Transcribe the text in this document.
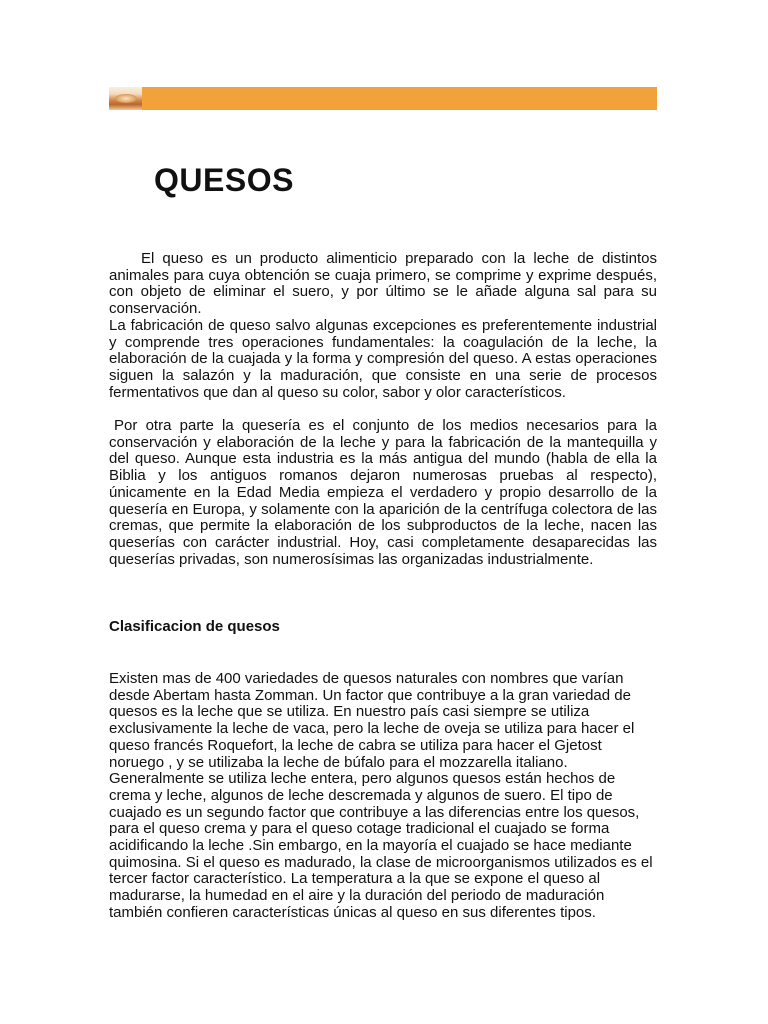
QUESOS

El queso es un producto alimenticio preparado con la leche de distintos animales para cuya obtención se cuaja primero, se comprime y exprime después, con objeto de eliminar el suero, y por último se le añade alguna sal para su conservación.

La fabricación de queso salvo algunas excepciones es preferentemente industrial y comprende tres operaciones fundamentales: la coagulación de la leche, la elaboración de la cuajada y la forma y compresión del queso. A estas operaciones siguen la salazón y la maduración, que consiste en una serie de procesos fermentativos que dan al queso su color, sabor y olor característicos.

Por otra parte la quesería es el conjunto de los medios necesarios para la conservación y elaboración de la leche y para la fabricación de la mantequilla y del queso. Aunque esta industria es la más antigua del mundo (habla de ella la Biblia y los antiguos romanos dejaron numerosas pruebas al respecto), únicamente en la Edad Media empieza el verdadero y propio desarrollo de la quesería en Europa, y solamente con la aparición de la centrífuga colectora de las cremas, que permite la elaboración de los subproductos de la leche, nacen las queserías con carácter industrial. Hoy, casi completamente desaparecidas las queserías privadas, son numerosísimas las organizadas industrialmente.

Clasificacion de quesos

Existen mas de 400 variedades de quesos naturales con nombres que varían desde Abertam hasta Zomman. Un factor que contribuye a la gran variedad de quesos es la leche que se utiliza. En nuestro país casi siempre se utiliza exclusivamente la leche de vaca, pero la leche de oveja se utiliza para hacer el queso francés Roquefort, la leche de cabra se utiliza para hacer el Gjetost noruego , y se utilizaba la leche de búfalo para el mozzarella italiano. Generalmente se utiliza leche entera, pero algunos quesos están hechos de crema y leche, algunos de leche descremada y algunos de suero. El tipo de cuajado es un segundo factor que contribuye a las diferencias entre los quesos, para el queso crema y para el queso cotage tradicional el cuajado se forma acidificando la leche .Sin embargo, en la mayoría el cuajado se hace mediante quimosina. Si el queso es madurado, la clase de microorganismos utilizados es el tercer factor característico. La temperatura a la que se expone el queso al madurarse, la humedad en el aire y la duración del periodo de maduración también confieren características únicas al queso en sus diferentes tipos.
